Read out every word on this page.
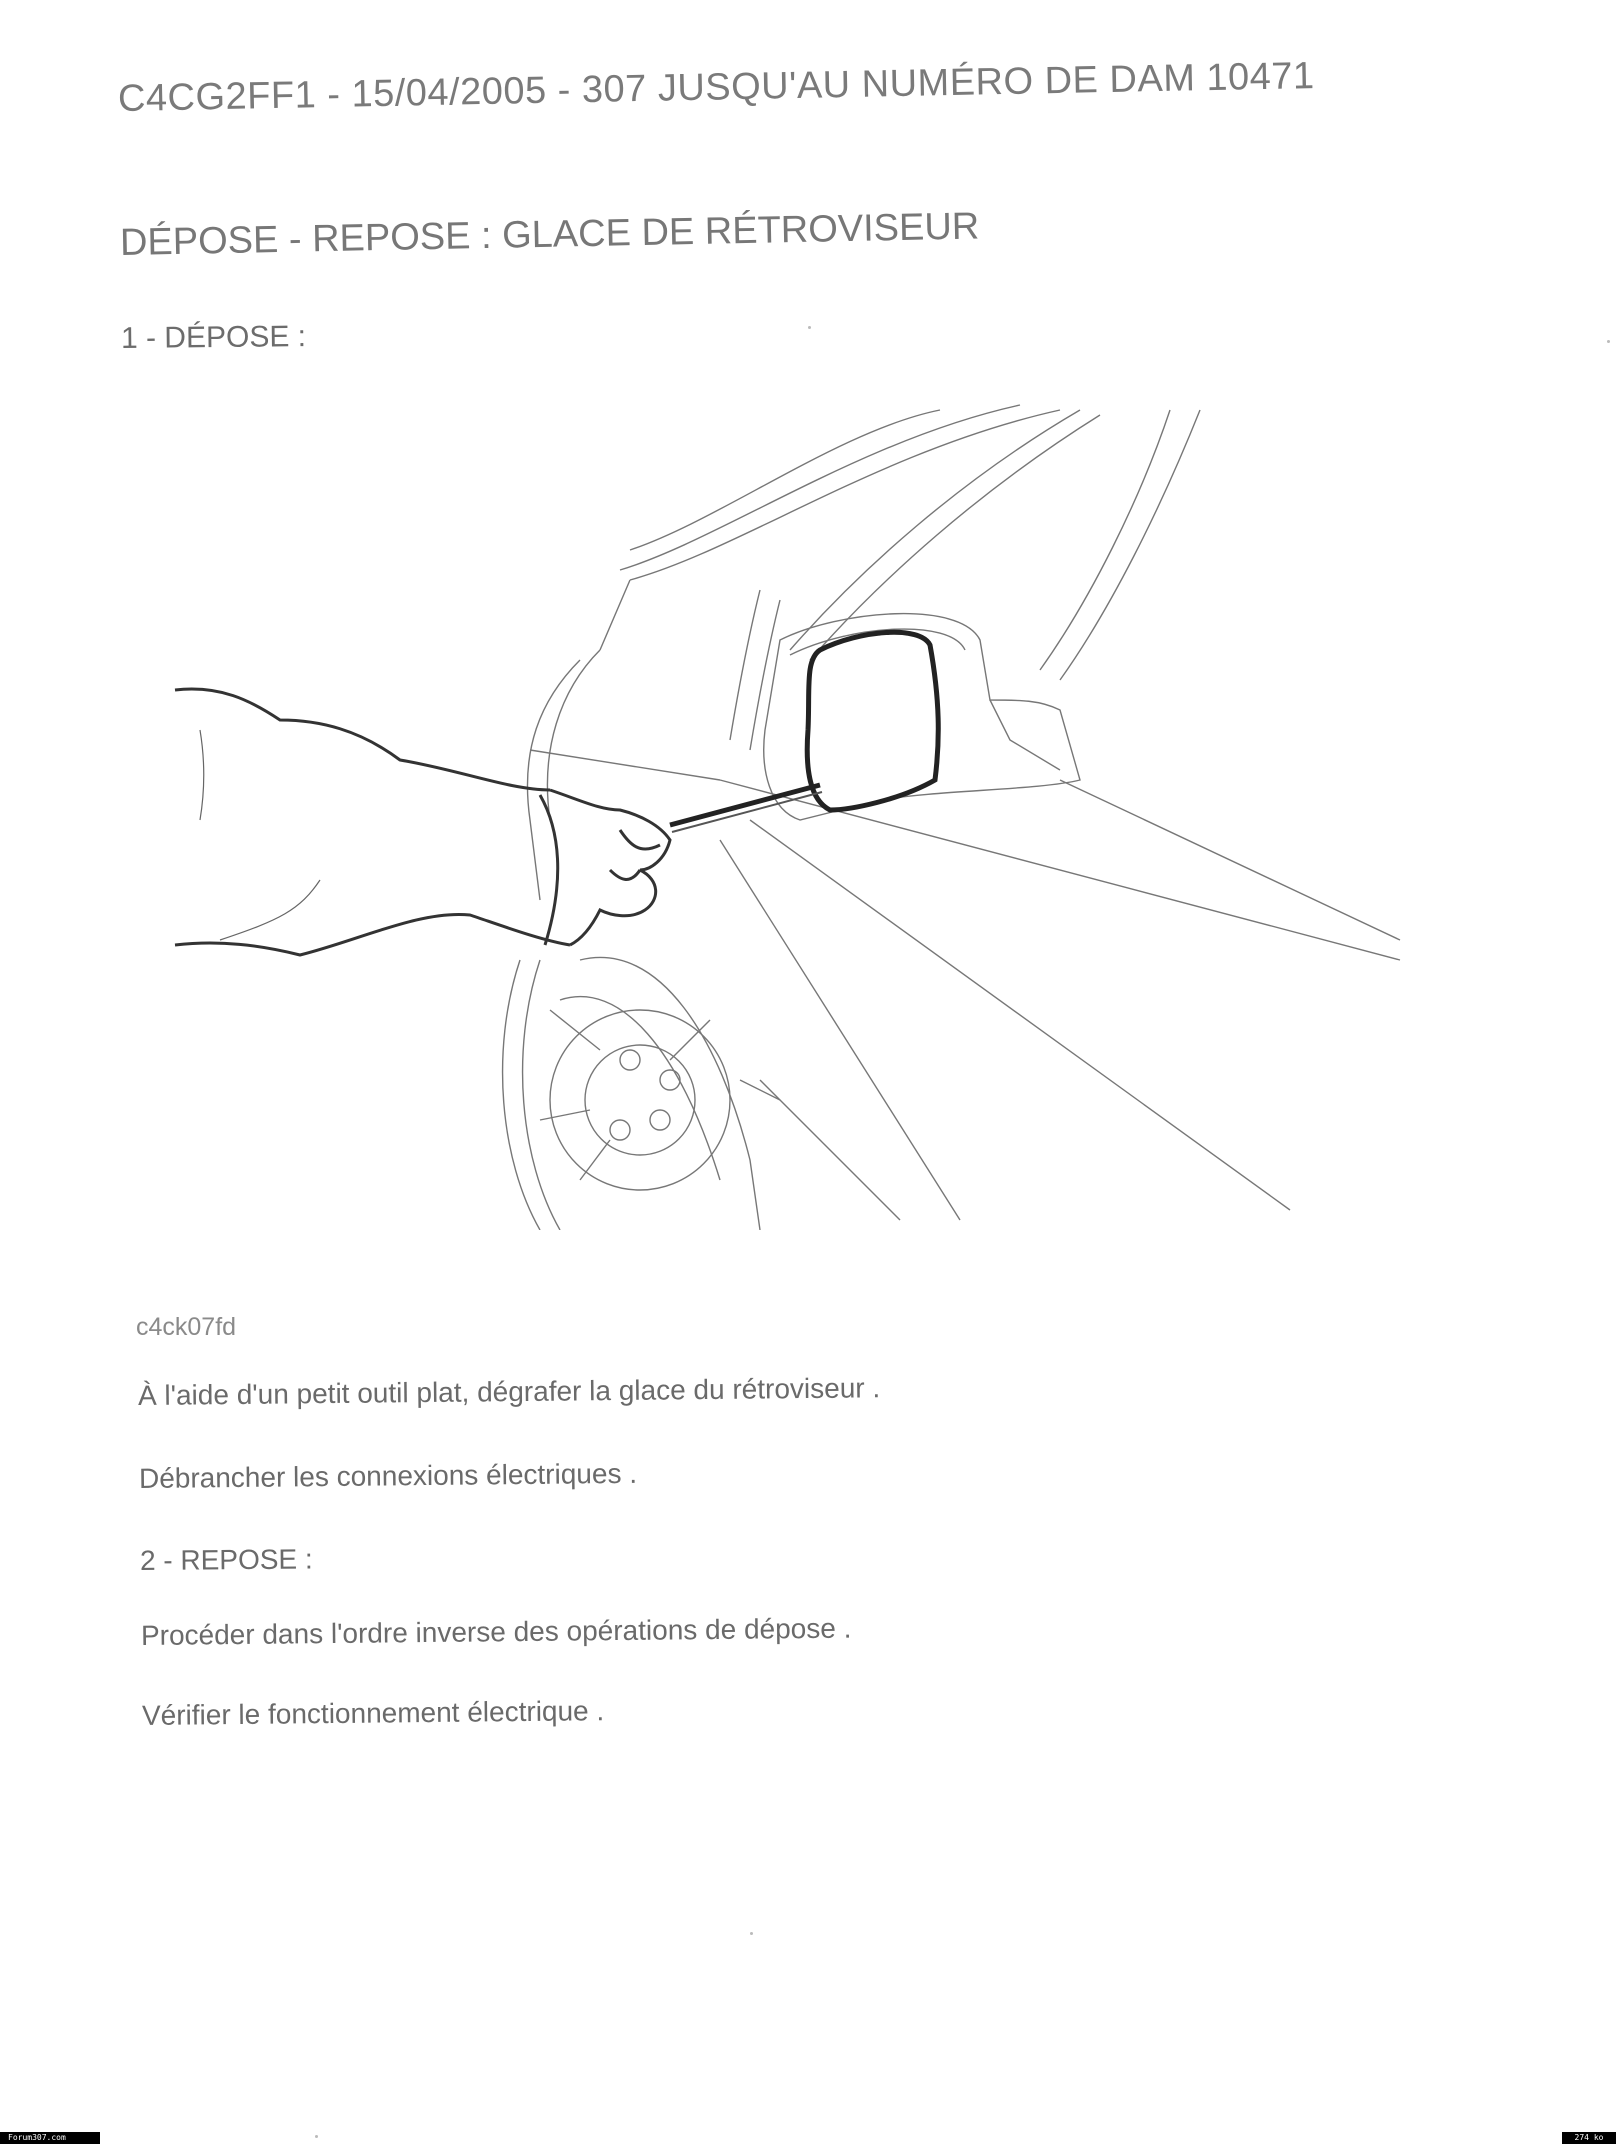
C4CG2FF1 - 15/04/2005 - 307 JUSQU'AU NUMÉRO DE DAM 10471
DÉPOSE - REPOSE : GLACE DE RÉTROVISEUR
1 - DÉPOSE :
c4ck07fd
À l'aide d'un petit outil plat, dégrafer la glace du rétroviseur .
Débrancher les connexions électriques .
2 - REPOSE :
Procéder dans l'ordre inverse des opérations de dépose .
Vérifier le fonctionnement électrique .
Forum307.com	274 ko
